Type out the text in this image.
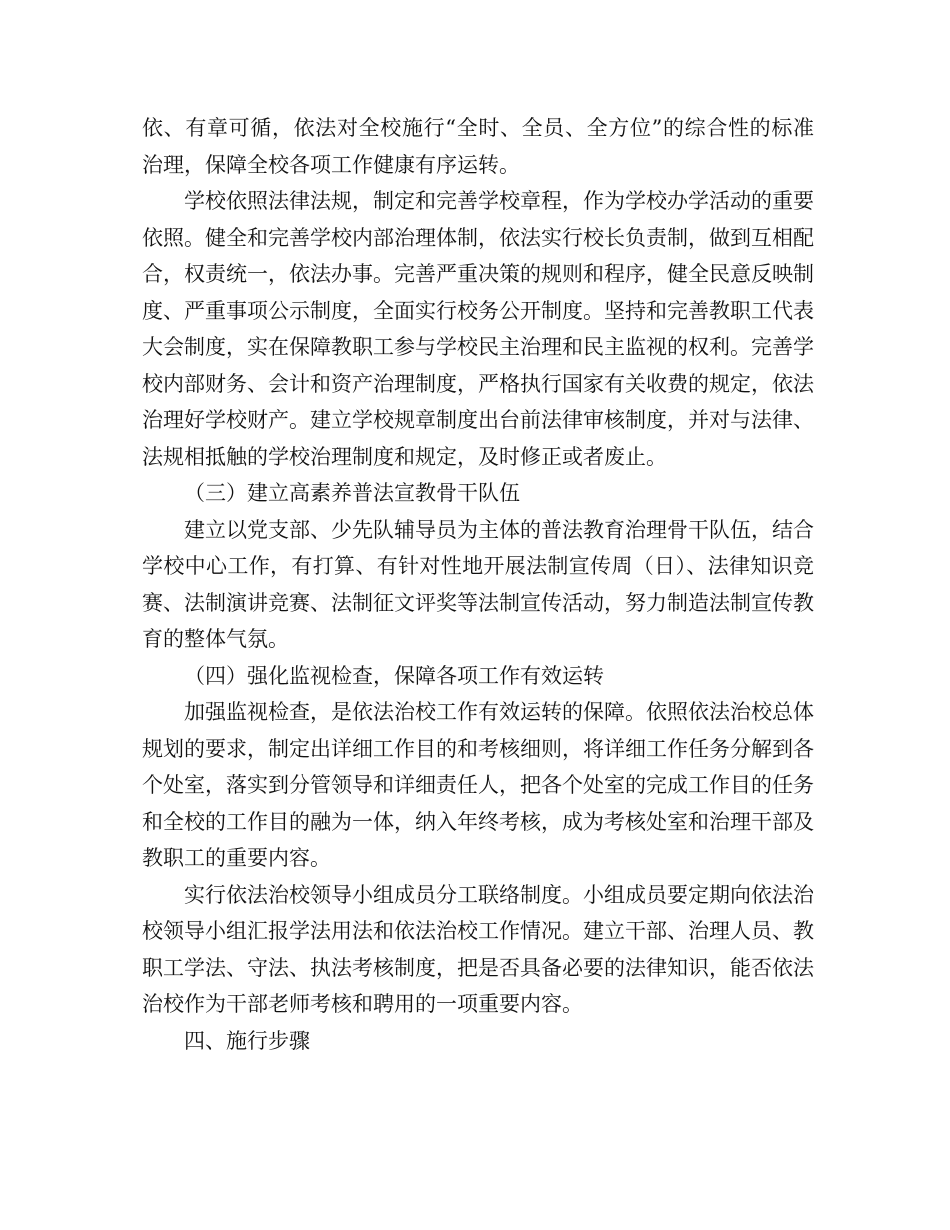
依、有章可循，依法对全校施行“全时、全员、全方位”的综合性的标准治理，保障全校各项工作健康有序运转。

学校依照法律法规，制定和完善学校章程，作为学校办学活动的重要依照。健全和完善学校内部治理体制，依法实行校长负责制，做到互相配合，权责统一，依法办事。完善严重决策的规则和程序，健全民意反映制度、严重事项公示制度，全面实行校务公开制度。坚持和完善教职工代表大会制度，实在保障教职工参与学校民主治理和民主监视的权利。完善学校内部财务、会计和资产治理制度，严格执行国家有关收费的规定，依法治理好学校财产。建立学校规章制度出台前法律审核制度，并对与法律、法规相抵触的学校治理制度和规定，及时修正或者废止。

（三）建立高素养普法宣教骨干队伍

建立以党支部、少先队辅导员为主体的普法教育治理骨干队伍，结合学校中心工作，有打算、有针对性地开展法制宣传周（日）、法律知识竞赛、法制演讲竞赛、法制征文评奖等法制宣传活动，努力制造法制宣传教育的整体气氛。

（四）强化监视检查，保障各项工作有效运转

加强监视检查，是依法治校工作有效运转的保障。依照依法治校总体规划的要求，制定出详细工作目的和考核细则，将详细工作任务分解到各个处室，落实到分管领导和详细责任人，把各个处室的完成工作目的任务和全校的工作目的融为一体，纳入年终考核，成为考核处室和治理干部及教职工的重要内容。

实行依法治校领导小组成员分工联络制度。小组成员要定期向依法治校领导小组汇报学法用法和依法治校工作情况。建立干部、治理人员、教职工学法、守法、执法考核制度，把是否具备必要的法律知识，能否依法治校作为干部老师考核和聘用的一项重要内容。

四、施行步骤
